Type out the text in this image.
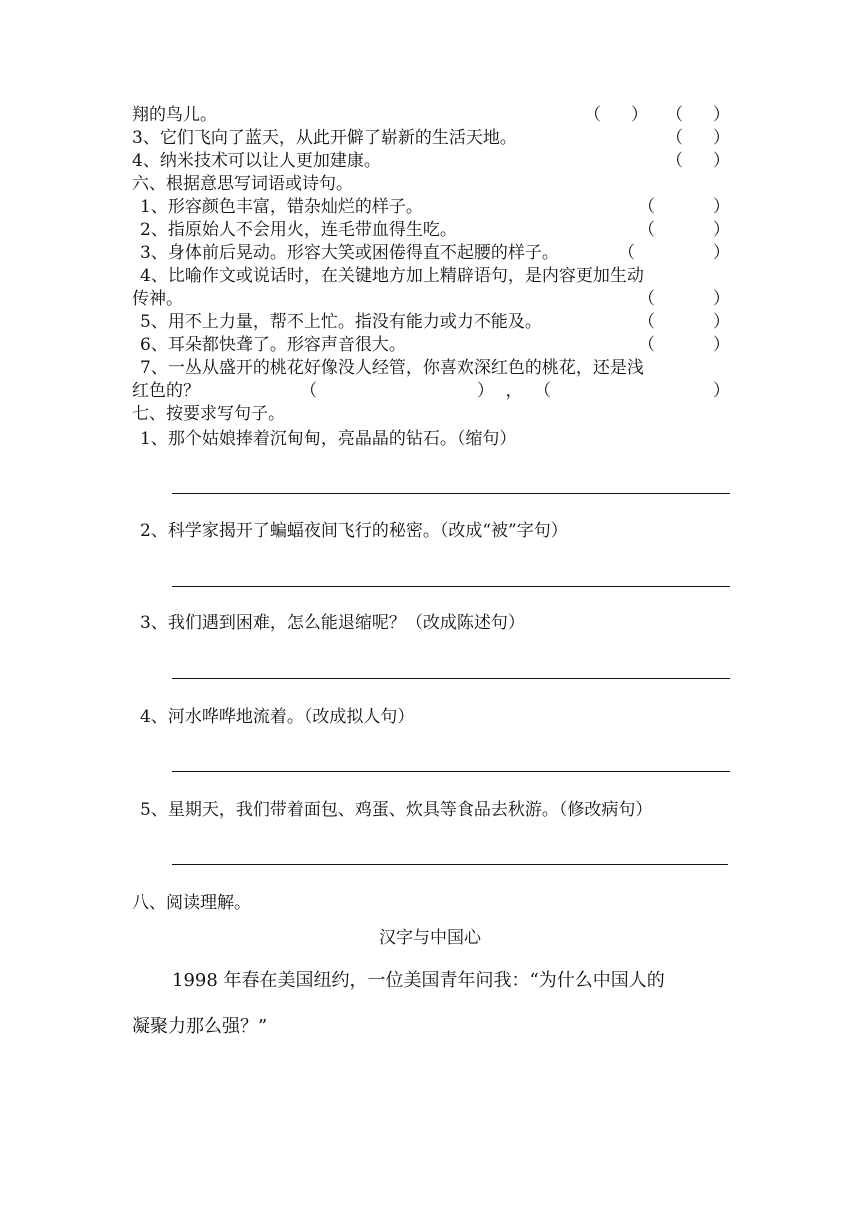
翔的鸟儿。	（ ） （ ）
3、它们飞向了蓝天，从此开僻了崭新的生活天地。	（ ）
4、纳米技术可以让人更加建康。	（ ）
六、根据意思写词语或诗句。
1、形容颜色丰富，错杂灿烂的样子。	（	）
2、指原始人不会用火，连毛带血得生吃。	（	）
3、身体前后晃动。形容大笑或困倦得直不起腰的样子。	（	）
4、比喻作文或说话时，在关键地方加上精辟语句，是内容更加生动
传神。	（	）
5、用不上力量，帮不上忙。指没有能力或力不能及。	（	）
6、耳朵都快聋了。形容声音很大。	（	）
7、一丛从盛开的桃花好像没人经管，你喜欢深红色的桃花，还是浅
红色的？	（	） ， （	）
七、按要求写句子。
1、那个姑娘捧着沉甸甸，亮晶晶的钻石。（缩句）
2、科学家揭开了蝙蝠夜间飞行的秘密。（改成“被”字句）
3、我们遇到困难，怎么能退缩呢？（改成陈述句）
4、河水哗哗地流着。（改成拟人句）
5、星期天，我们带着面包、鸡蛋、炊具等食品去秋游。（修改病句）
八、阅读理解。
汉字与中国心
1998 年春在美国纽约，一位美国青年问我：“为什么中国人的
凝聚力那么强？”
